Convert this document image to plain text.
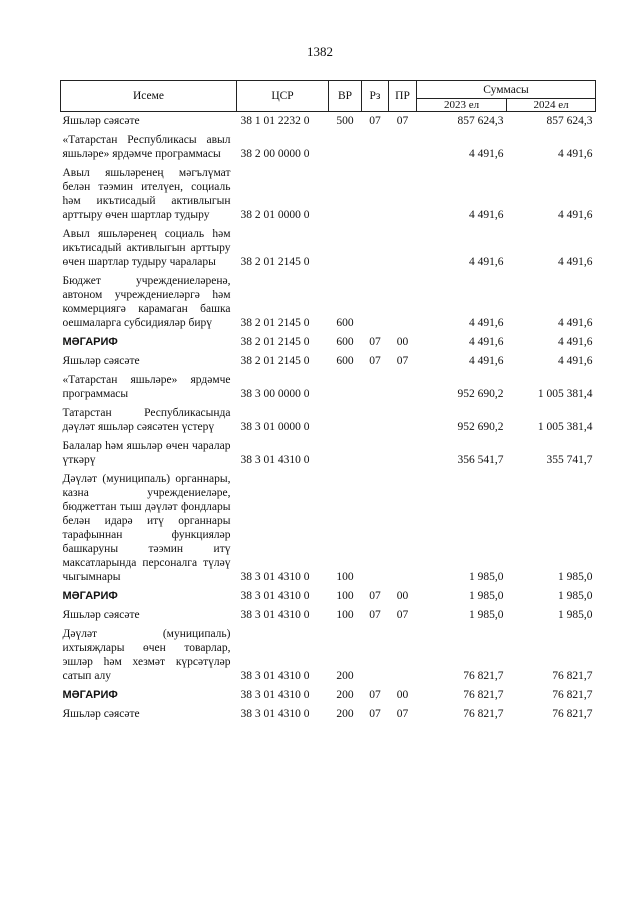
1382
Исеме	ЦСР	ВР	Рз	ПР	Суммасы	
					2023 ел	2024 ел
Яшьләр сәясәте	38 1 01 2232 0	500	07	07	857 624,3	857 624,3
«Татарстан Республикасы авыл яшьләре» ярдәмче программасы	38 2 00 0000 0				4 491,6	4 491,6
Авыл яшьләренең мәгълүмат белән тәэмин ителүен, социаль һәм икътисадый активлыгын арттыру өчен шартлар тудыру	38 2 01 0000 0				4 491,6	4 491,6
Авыл яшьләренең социаль һәм икътисадый активлыгын арттыру өчен шартлар тудыру чаралары	38 2 01 2145 0				4 491,6	4 491,6
Бюджет учреждениеләренә, автоном учреждениеләргә һәм коммерциягә карамаган башка оешмаларга субсидияләр бирү	38 2 01 2145 0	600			4 491,6	4 491,6
МӘГАРИФ	38 2 01 2145 0	600	07	00	4 491,6	4 491,6
Яшьләр сәясәте	38 2 01 2145 0	600	07	07	4 491,6	4 491,6
«Татарстан яшьләре» ярдәмче программасы	38 3 00 0000 0				952 690,2	1 005 381,4
Татарстан Республикасында дәүләт яшьләр сәясәтен үстерү	38 3 01 0000 0				952 690,2	1 005 381,4
Балалар һәм яшьләр өчен чаралар үткәрү	38 3 01 4310 0				356 541,7	355 741,7
Дәүләт (муниципаль) органнары, казна учреждениеләре, бюджеттан тыш дәүләт фондлары белән идарә итү органнары тарафыннан функцияләр башкаруны тәэмин итү максатларында персоналга түләү чыгымнары	38 3 01 4310 0	100			1 985,0	1 985,0
МӘГАРИФ	38 3 01 4310 0	100	07	00	1 985,0	1 985,0
Яшьләр сәясәте	38 3 01 4310 0	100	07	07	1 985,0	1 985,0
Дәүләт (муниципаль) ихтыяҗлары өчен товарлар, эшләр һәм хезмәт күрсәтүләр сатып алу	38 3 01 4310 0	200			76 821,7	76 821,7
МӘГАРИФ	38 3 01 4310 0	200	07	00	76 821,7	76 821,7
Яшьләр сәясәте	38 3 01 4310 0	200	07	07	76 821,7	76 821,7
